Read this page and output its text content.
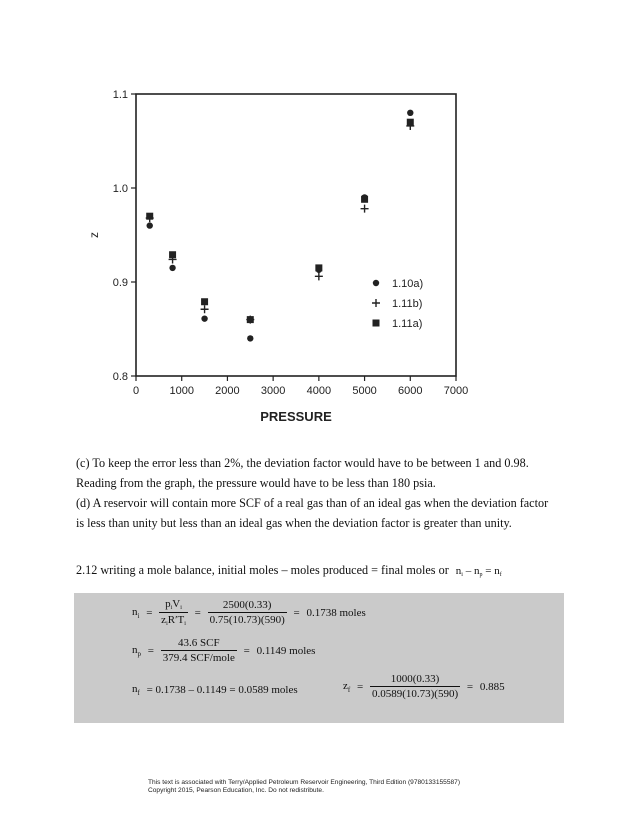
0	1000 2000 3000 4000 5000 6000 7000
1.1
1.0
0.9
0.8
PRESSURE
z
1.10a)
1.11b)
1.11a)
(c) To keep the error less than 2%, the deviation factor would have to be between 1 and 0.98.
Reading from the graph, the pressure would have to be less than 180 psia.
(d) A reservoir will contain more SCF of a real gas than of an ideal gas when the deviation factor
is less than unity but less than an ideal gas when the deviation factor is greater than unity.
2.12 writing a mole balance, initial moles – moles produced = final moles or ni – np = nf
$n_i = \frac{\text{piVi}}{\text{ziR′Ti}} = \frac{2500(0.33)}{0.75(10.73)(590)} = 0.1738$ moles
$n_p = \frac{\text{43.6 SCF}}{\text{379.4 SCF/mole}} = 0.1149$ moles
$n_f = 0.1738 - 0.1149 = 0.0589$ moles	$z_f = \frac{1000(0.33)}{0.0589(10.73)(590)} = 0.885$
This text is associated with Terry/Applied Petroleum Reservoir Engineering, Third Edition (9780133155587)
Copyright 2015, Pearson Education, Inc. Do not redistribute.
